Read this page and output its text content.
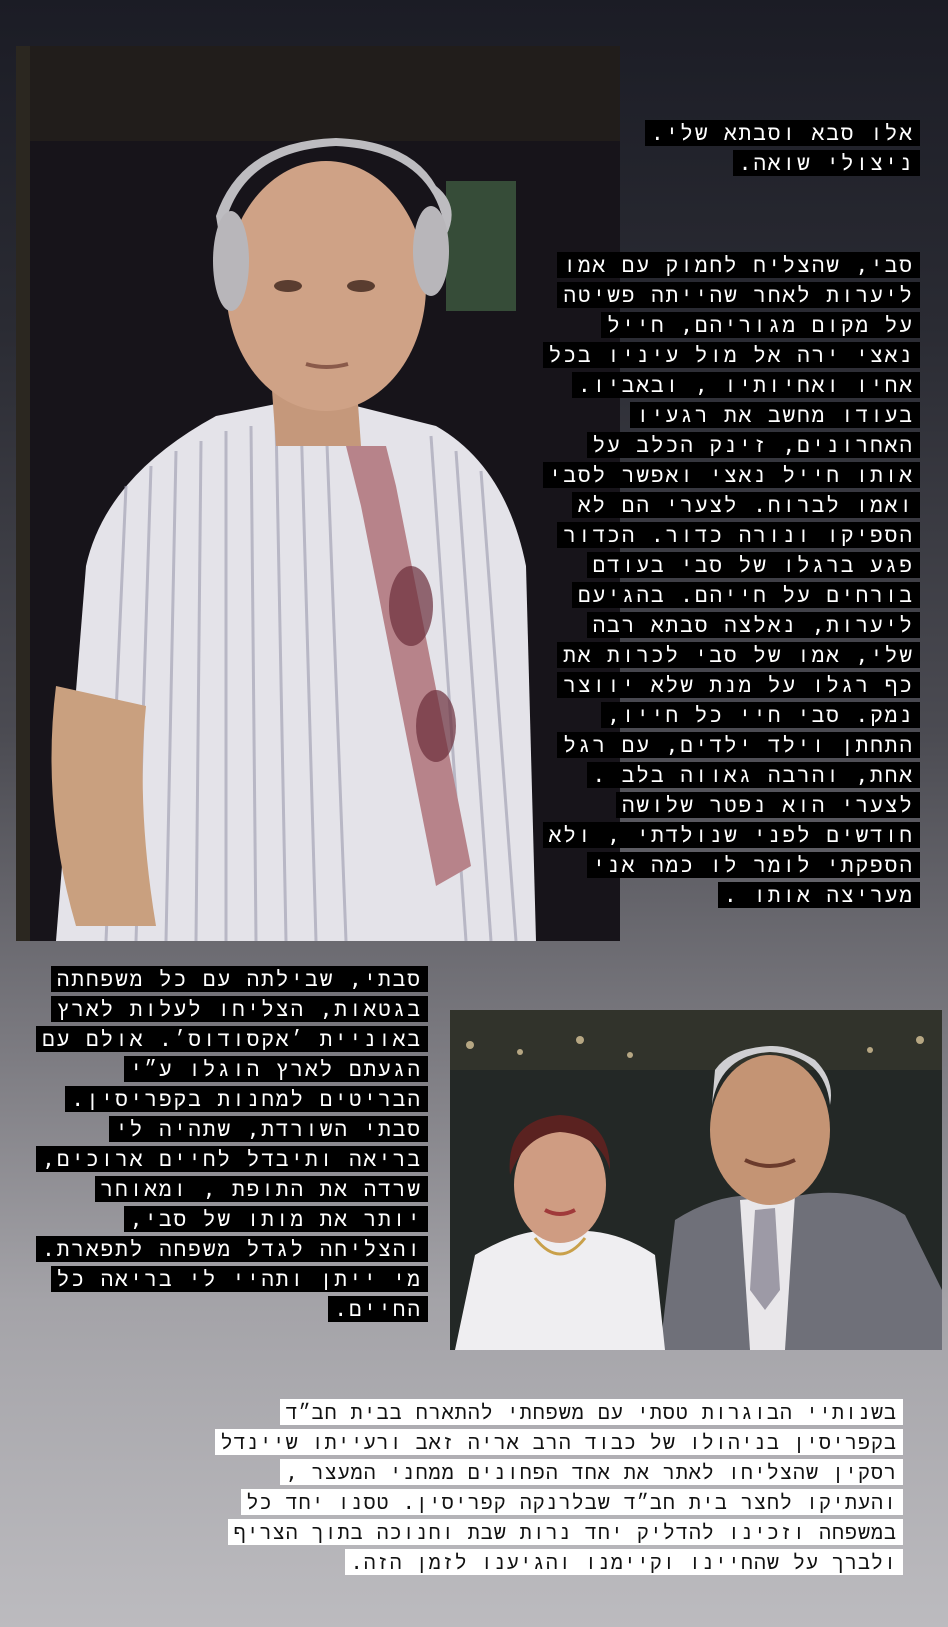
אלו סבא וסבתא שלי.
ניצולי שואה.
סבי, שהצליח לחמוק עם אמו
ליערות לאחר שהייתה פשיטה
על מקום מגוריהם, חייל
נאצי ירה אל מול עיניו בכל
אחיו ואחיותיו , ובאביו.
בעודו מחשב את רגעיו
האחרונים, זינק הכלב על
אותו חייל נאצי ואפשר לסבי
ואמו לברוח. לצערי הם לא
הספיקו ונורה כדור. הכדור
פגע ברגלו של סבי בעודם
בורחים על חייהם. בהגיעם
ליערות, נאלצה סבתא רבה
שלי, אמו של סבי לכרות את
כף רגלו על מנת שלא יווצר
נמק. סבי חיי כל חייו,
התחתן וילד ילדים, עם רגל
אחת, והרבה גאווה בלב .
לצערי הוא נפטר שלושה
חודשים לפני שנולדתי , ולא
הספקתי לומר לו כמה אני
מעריצה אותו .
סבתי, שבילתה עם כל משפחתה
בגטאות, הצליחו לעלות לארץ
באוניית ׳אקסודוס׳. אולם עם
הגעתם לארץ הוגלו ע״י
הבריטים למחנות בקפריסין.
סבתי השורדת, שתהיה לי
בריאה ותיבדל לחיים ארוכים,
שרדה את התופת , ומאוחר
יותר את מותו של סבי,
והצליחה לגדל משפחה לתפארת.
מי ייתן ותהיי לי בריאה כל
החיים.
בשנותיי הבוגרות טסתי עם משפחתי להתארח בבית חב״ד
בקפריסין בניהולו של כבוד הרב אריה זאב ורעייתו שיינדל
רסקין שהצליחו לאתר את אחד הפחונים ממחני המעצר ,
והעתיקו לחצר בית חב״ד שבלרנקה קפריסין. טסנו יחד כל
במשפחה וזכינו להדליק יחד נרות שבת וחנוכה בתוך הצריף
ולברך על שהחיינו וקיימנו והגיענו לזמן הזה.
